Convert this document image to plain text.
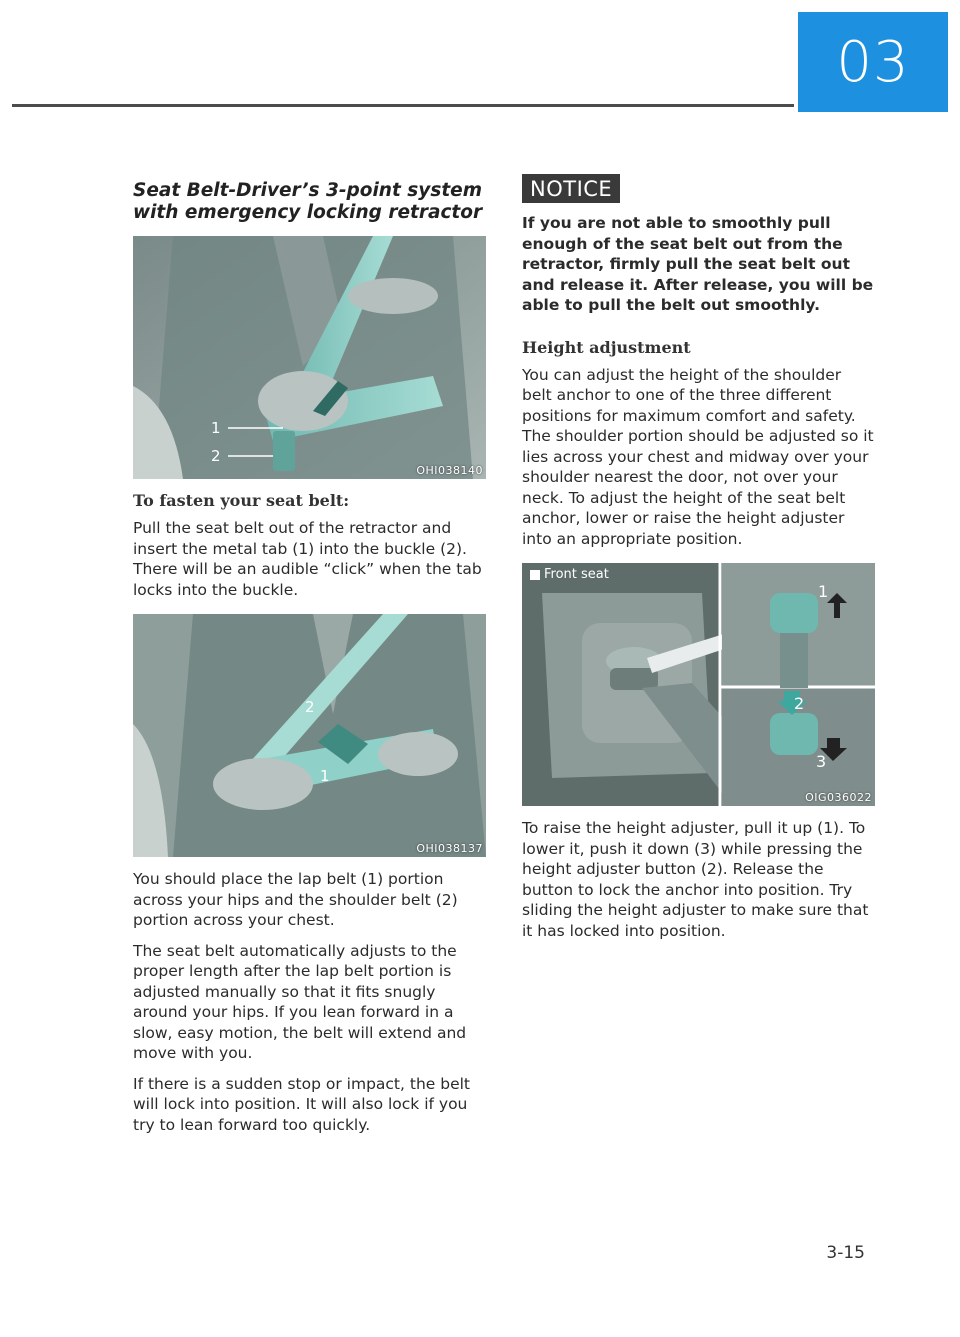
03
Seat Belt-Driver’s 3-point system with emergency locking retractor
1
2
OHI038140
To fasten your seat belt:

Pull the seat belt out of the retractor and insert the metal tab (1) into the buckle (2). There will be an audible “click” when the tab locks into the buckle.

2
1
OHI038137

You should place the lap belt (1) portion across your hips and the shoulder belt (2) portion across your chest.

The seat belt automatically adjusts to the proper length after the lap belt portion is adjusted manually so that it fits snugly around your hips. If you lean forward in a slow, easy motion, the belt will extend and move with you.

If there is a sudden stop or impact, the belt will lock into position. It will also lock if you try to lean forward too quickly.

NOTICE
If you are not able to smoothly pull enough of the seat belt out from the retractor, firmly pull the seat belt out and release it. After release, you will be able to pull the belt out smoothly.
Height adjustment

You can adjust the height of the shoulder belt anchor to one of the three different positions for maximum comfort and safety. The shoulder portion should be adjusted so it lies across your chest and midway over your shoulder nearest the door, not over your neck. To adjust the height of the seat belt anchor, lower or raise the height adjuster into an appropriate position.

1
2
3
Front seat
OIG036022

To raise the height adjuster, pull it up (1). To lower it, push it down (3) while pressing the height adjuster button (2). Release the button to lock the anchor into position. Try sliding the height adjuster to make sure that it has locked into position.

3-15
